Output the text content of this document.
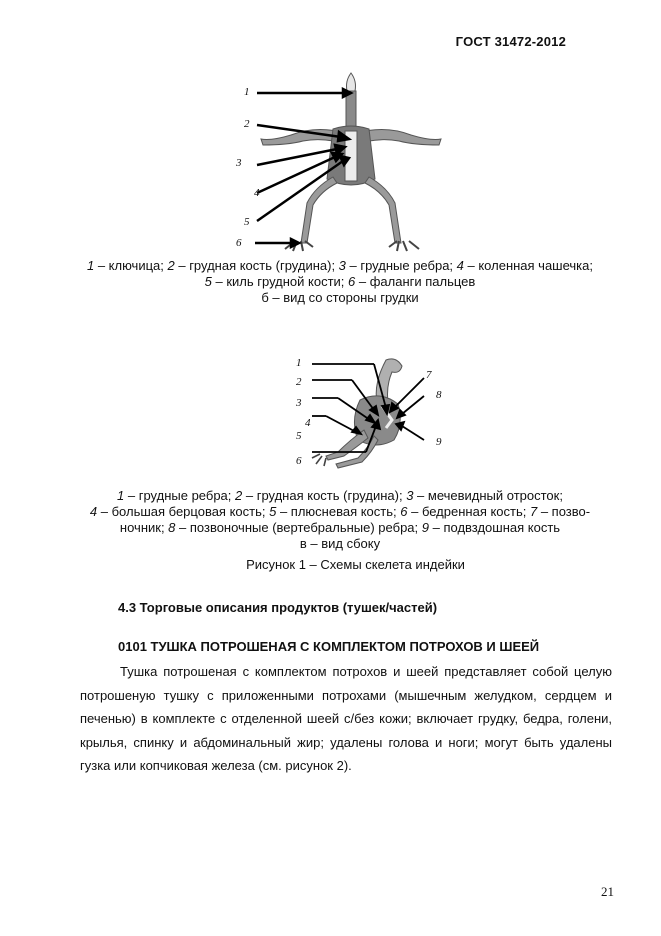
ГОСТ 31472-2012
1
2
3
4
5
6
1 – ключица; 2 – грудная кость (грудина); 3 – грудные ребра; 4 – коленная чашечка;
5 – киль грудной кости; 6 – фаланги пальцев
б – вид со стороны грудки
1
2
3
4
5
6
7
8
9
1 – грудные ребра; 2 – грудная кость (грудина); 3 – мечевидный отросток;
4 – большая берцовая кость; 5 – плюсневая кость; 6 – бедренная кость; 7 – позво-
ночник; 8 – позвоночные (вертебральные) ребра; 9 – подвздошная кость
в – вид сбоку
Рисунок 1 – Схемы скелета индейки
4.3 Торговые описания продуктов (тушек/частей)
0101 ТУШКА ПОТРОШЕНАЯ С КОМПЛЕКТОМ ПОТРОХОВ И ШЕЕЙ

Тушка потрошеная с комплектом потрохов и шеей представляет собой целую потрошеную тушку с приложенными потрохами (мышечным желудком, сердцем и печенью) в комплекте с отделенной шеей с/без кожи; включает грудку, бедра, голени, крылья, спинку и абдоминальный жир; удалены голова и ноги; могут быть удалены гузка или копчиковая железа (см. рисунок 2).

21
